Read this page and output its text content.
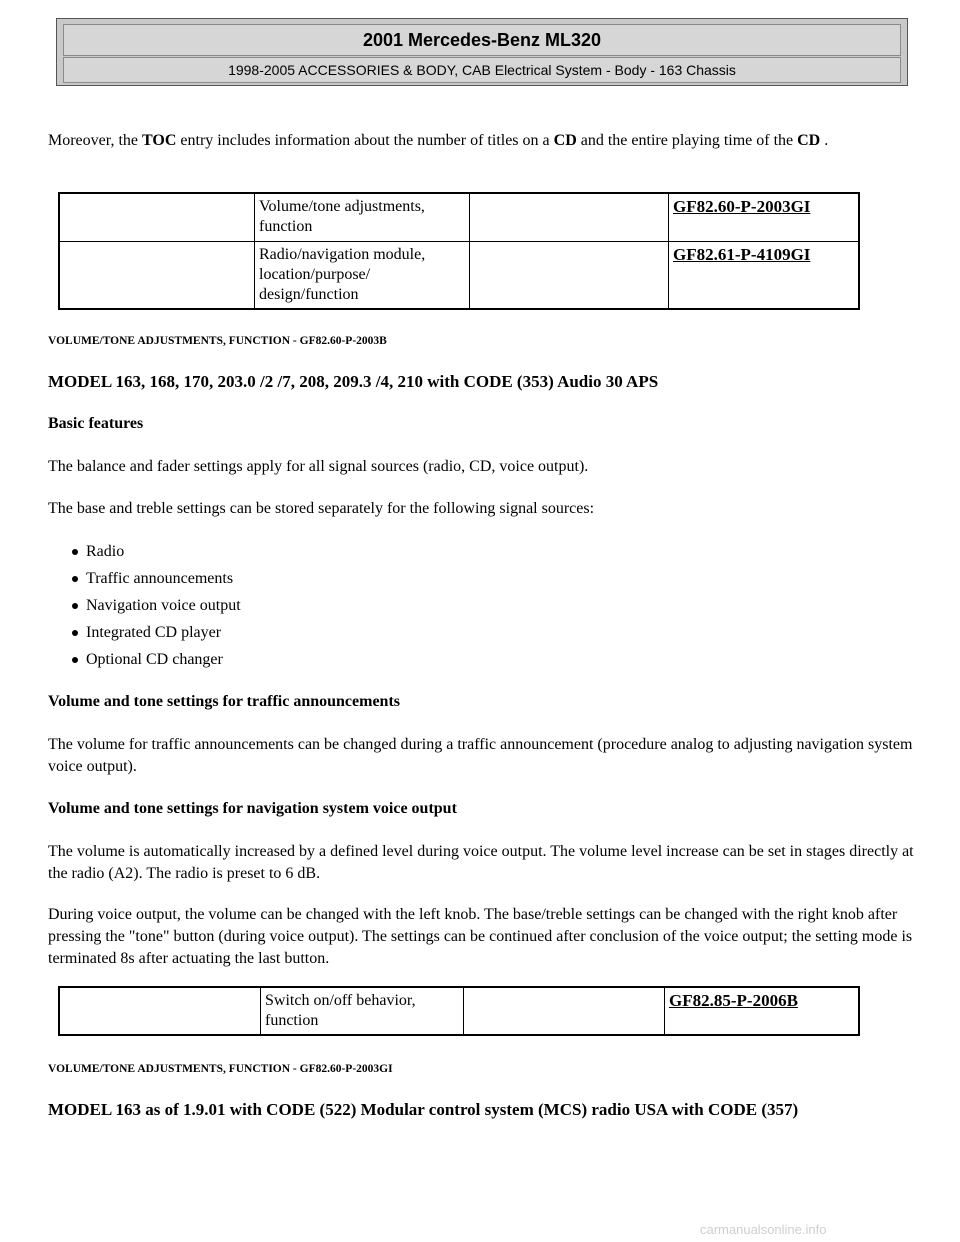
2001 Mercedes-Benz ML320
1998-2005 ACCESSORIES & BODY, CAB Electrical System - Body - 163 Chassis

Moreover, the TOC entry includes information about the number of titles on a CD and the entire playing time of the CD .

	Volume/tone adjustments, function		GF82.60-P-2003GI
	Radio/navigation module, location/purpose/ design/function		GF82.61-P-4109GI

VOLUME/TONE ADJUSTMENTS, FUNCTION - GF82.60-P-2003B

MODEL 163, 168, 170, 203.0 /2 /7, 208, 209.3 /4, 210 with CODE (353) Audio 30 APS

Basic features

The balance and fader settings apply for all signal sources (radio, CD, voice output).

The base and treble settings can be stored separately for the following signal sources:

Radio
Traffic announcements
Navigation voice output
Integrated CD player
Optional CD changer

Volume and tone settings for traffic announcements

The volume for traffic announcements can be changed during a traffic announcement (procedure analog to adjusting navigation system voice output).

Volume and tone settings for navigation system voice output

The volume is automatically increased by a defined level during voice output. The volume level increase can be set in stages directly at the radio (A2). The radio is preset to 6 dB.

During voice output, the volume can be changed with the left knob. The base/treble settings can be changed with the right knob after pressing the "tone" button (during voice output). The settings can be continued after conclusion of the voice output; the setting mode is terminated 8s after actuating the last button.

	Switch on/off behavior, function		GF82.85-P-2006B

VOLUME/TONE ADJUSTMENTS, FUNCTION - GF82.60-P-2003GI

MODEL 163 as of 1.9.01 with CODE (522) Modular control system (MCS) radio USA with CODE (357)

carmanualsonline.info
